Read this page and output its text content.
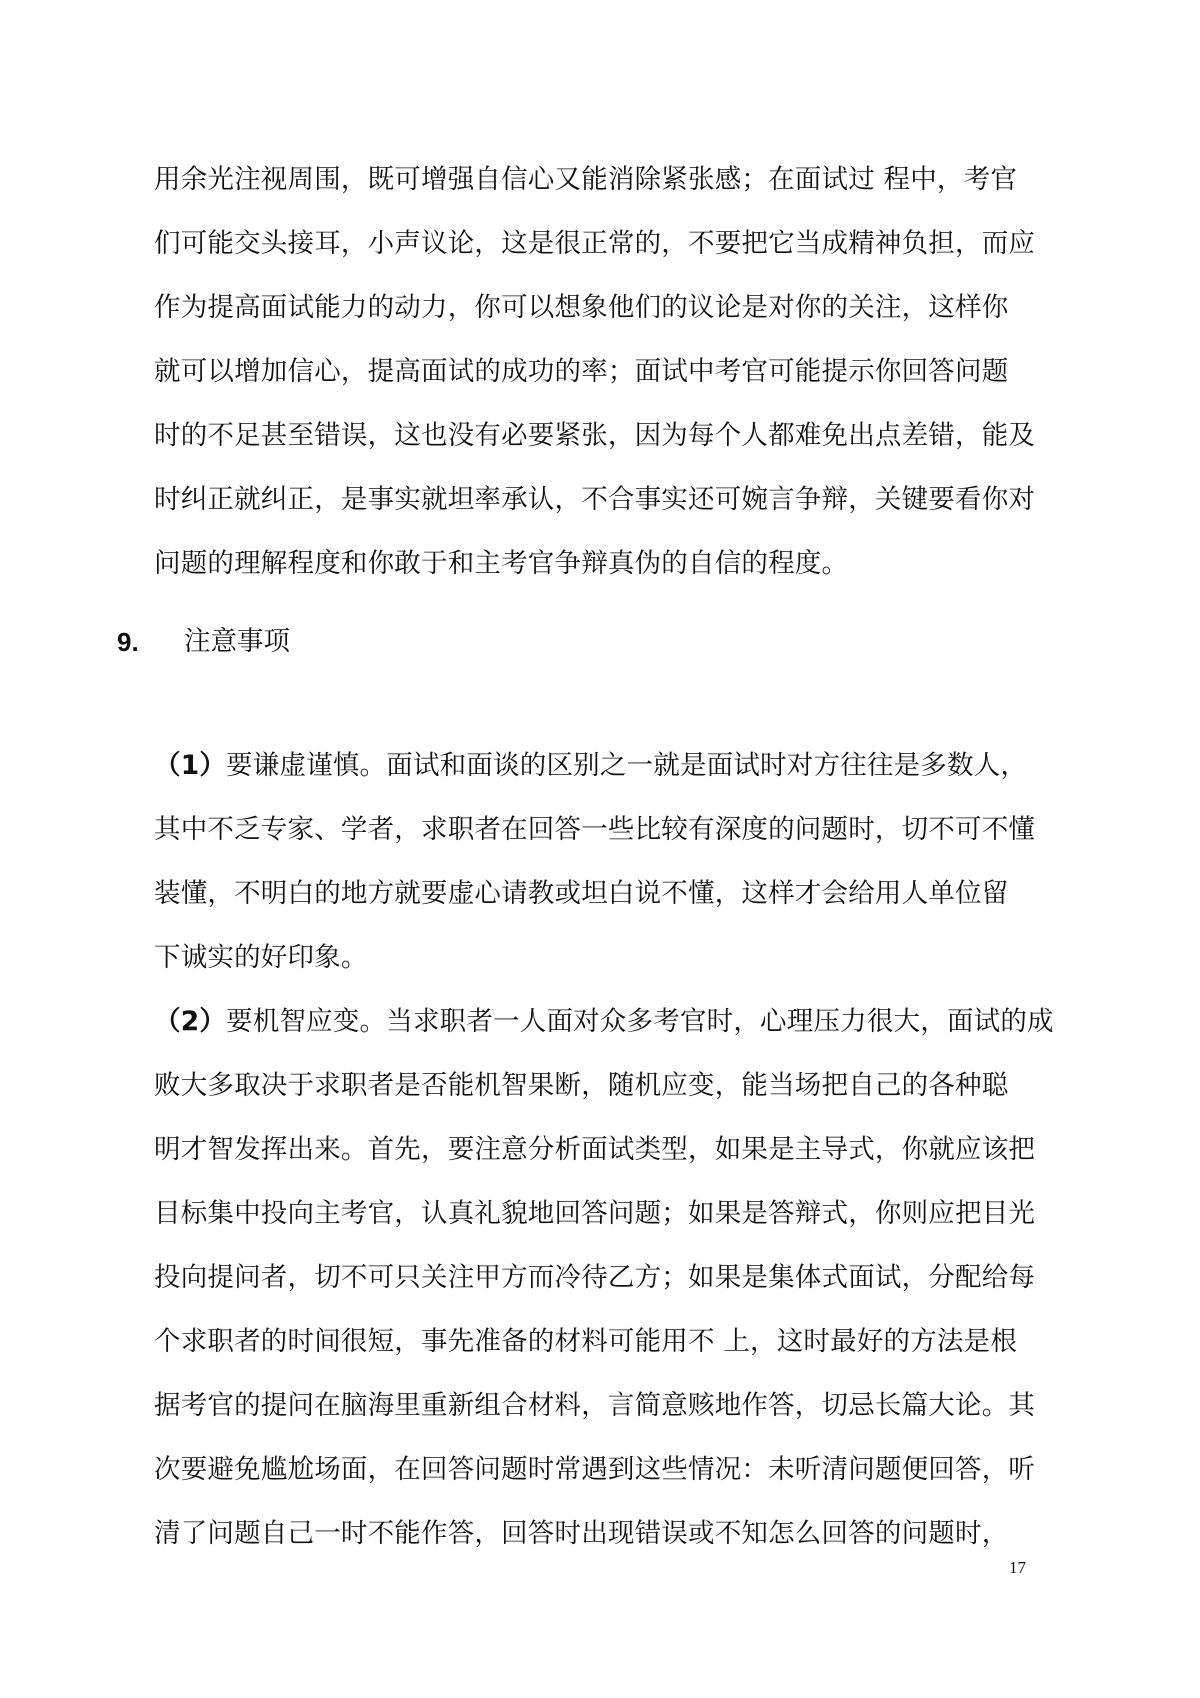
用余光注视周围，既可增强自信心又能消除紧张感；在面试过 程中，考官
们可能交头接耳，小声议论，这是很正常的，不要把它当成精神负担，而应
作为提高面试能力的动力，你可以想象他们的议论是对你的关注，这样你
就可以增加信心，提高面试的成功的率；面试中考官可能提示你回答问题
时的不足甚至错误，这也没有必要紧张，因为每个人都难免出点差错，能及
时纠正就纠正，是事实就坦率承认，不合事实还可婉言争辩，关键要看你对
问题的理解程度和你敢于和主考官争辩真伪的自信的程度。
9. 注意事项
（1）要谦虚谨慎。面试和面谈的区别之一就是面试时对方往往是多数人，
其中不乏专家、学者，求职者在回答一些比较有深度的问题时，切不可不懂
装懂，不明白的地方就要虚心请教或坦白说不懂，这样才会给用人单位留
下诚实的好印象。
（2）要机智应变。当求职者一人面对众多考官时，心理压力很大，面试的成
败大多取决于求职者是否能机智果断，随机应变，能当场把自己的各种聪
明才智发挥出来。首先，要注意分析面试类型，如果是主导式，你就应该把
目标集中投向主考官，认真礼貌地回答问题；如果是答辩式，你则应把目光
投向提问者，切不可只关注甲方而冷待乙方；如果是集体式面试，分配给每
个求职者的时间很短，事先准备的材料可能用不 上，这时最好的方法是根
据考官的提问在脑海里重新组合材料，言简意赅地作答，切忌长篇大论。其
次要避免尴尬场面，在回答问题时常遇到这些情况：未听清问题便回答，听
清了问题自己一时不能作答，回答时出现错误或不知怎么回答的问题时，
17
